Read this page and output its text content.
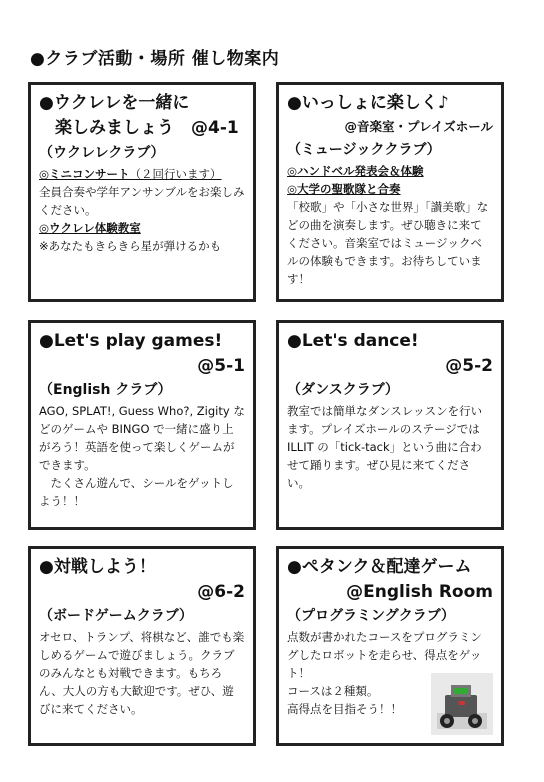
●クラブ活動・場所 催し物案内
●ウクレレを一緒に
楽しみましょう　@4-1
（ウクレレクラブ）
◎ミニコンサート（２回行います）
全員合奏や学年アンサンブルをお楽しみください。
◎ウクレレ体験教室
※あなたもきらきら星が弾けるかも
●いっしょに楽しく♪
@音楽室・プレイズホール
（ミュージッククラブ）
◎ハンドベル発表会＆体験
◎大学の聖歌隊と合奏
「校歌」や「小さな世界」「讃美歌」などの曲を演奏します。ぜひ聴きに来てください。音楽室ではミュージックベルの体験もできます。お待ちしています！
●Let's play games!
@5-1
（English クラブ）
AGO, SPLAT!, Guess Who?, Zigity などのゲームや BINGO で一緒に盛り上がろう！英語を使って楽しくゲームができます。
たくさん遊んで、シールをゲットしよう！！
●Let's dance!
@5-2
（ダンスクラブ）
教室では簡単なダンスレッスンを行います。プレイズホールのステージでは ILLIT の「tick-tack」という曲に合わせて踊ります。ぜひ見に来てください。
●対戦しよう！
@6-2
（ボードゲームクラブ）
オセロ、トランプ、将棋など、誰でも楽しめるゲームで遊びましょう。クラブのみんなとも対戦できます。もちろん、大人の方も大歓迎です。ぜひ、遊びに来てください。
●ペタンク＆配達ゲーム
@English Room
（プログラミングクラブ）
点数が書かれたコースをプログラミングしたロボットを走らせ、得点をゲット！
コースは２種類。
高得点を目指そう！！
